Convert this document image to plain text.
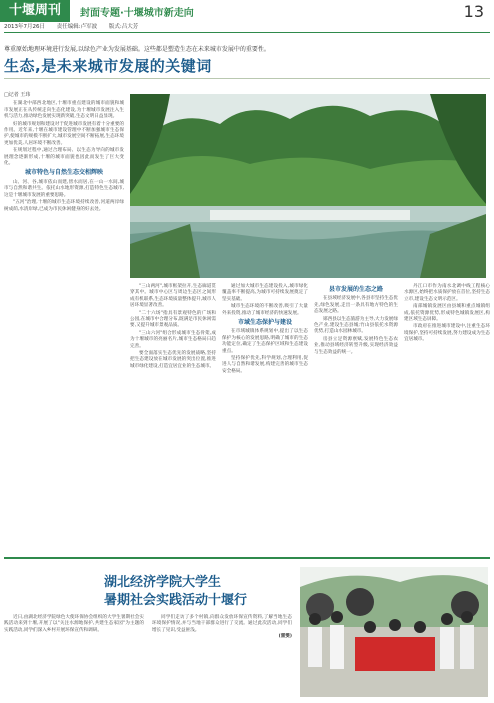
十堰周刊	封面专题·十堰城市新走向	13
2013年7月26日 责任编辑:卢军波 版式:吕大芳
尊重原始地理环境进行发展,以绿色产业为发展基础。这些都是塑造生态在未来城市发展中的重要性。
生态,是未来城市发展的关键词
□记者 王玮

在湖北中部西北地区,十堰市重点建设的城市面貌和城市发展正在从传统走向生态化建设,为十堰城市发展注入生机与活力,推动绿色发展实现新突破,生态文明日益显现。

好的城市规划和建设对于促进城市发展有着十分重要的作用。近年来,十堰在城市建设管理中不断加强城市生态保护,使城市的规模不断扩大,城市发展空间不断拓展,生态环境更加优美,人居环境不断改善。

在规划过程中,通过合理布局、以生态为导向的城市发展理念逐渐形成,十堰的城市面貌也因此而发生了巨大变化。

城市特色与自然生态交相辉映

山、河、谷,城市依山而建,傍水而居,在一山一水间,城市与自然和谐共生。依托山水地形资源,打造特色生态城市,这是十堰城市发展的重要思路。

"五河"治理,十堰的城市生态环境持续改善,河道两岸绿树成荫,水清岸绿,已成为市民休闲健身的好去处。

"三山两河",城市框架拉开,生态廊道贯穿其中。城市中心区与周边生态区之间形成有机联系,生态环境质量整体提升,城市人居环境显著改善。

"二十六场"指具有景观特色的广场和公园,在城市中合理分布,既满足市民休闲需要,又提升城市景观品质。

"三山六河"组合形成城市生态骨架,成为十堰城市的亮丽名片,城市生态格局日趋完善。

要全面落实生态优先的发展战略,坚持把生态建设放在城市发展的突出位置,推进城市绿化建设,打造宜居宜业的生态城市。

通过加大城市生态建设投入,城市绿化覆盖率不断提高,为城市可持续发展奠定了坚实基础。

城市生态环境的不断改善,吸引了大量外来投资,推动了城市经济的快速发展。

市域生态保护与建设

在市域城镇体系规划中,提出了以生态保护为核心的发展思路,明确了城市的生态功能定位,确定了生态保护区域和生态建设重点。

坚持保护优先,科学规划,合理利用,促进人与自然和谐发展,构建完善的城市生态安全格局。

县市发展的生态之路

在县域经济发展中,各县市坚持生态优先,绿色发展,走出一条具有地方特色的生态发展之路。

郧西县以生态旅游为主导,大力发展绿色产业,建设生态县城;竹山县依托水资源优势,打造山水园林城市。

房县立足资源禀赋,发展特色生态农业,推动县域经济转型升级,实现经济效益与生态效益的统一。

丹江口市作为南水北调中线工程核心水源区,始终把水质保护放在首位,坚持生态立市,建设生态文明示范区。

南部城镇发展区由县城和重点城镇组成,依托资源优势,形成特色城镇发展区,构建区域生态屏障。

市政府在推进城市建设中,注重生态环境保护,坚持可持续发展,努力建设成为生态宜居城市。

湖北经济学院大学生
暑期社会实践活动十堰行

近日,由湖北经济学院绿色大使环保协会组织的大学生暑期社会实践活动来到十堰,开展了以"关注水源地保护,共建生态家园"为主题的实践活动,同学们深入乡村开展环保宣传和调研。

同学们走访了多个村镇,向群众发放环保宣传资料,了解当地生态环境保护情况,并与当地干部群众进行了交流。通过此次活动,同学们增长了见识,受益匪浅。

(雷雯)
